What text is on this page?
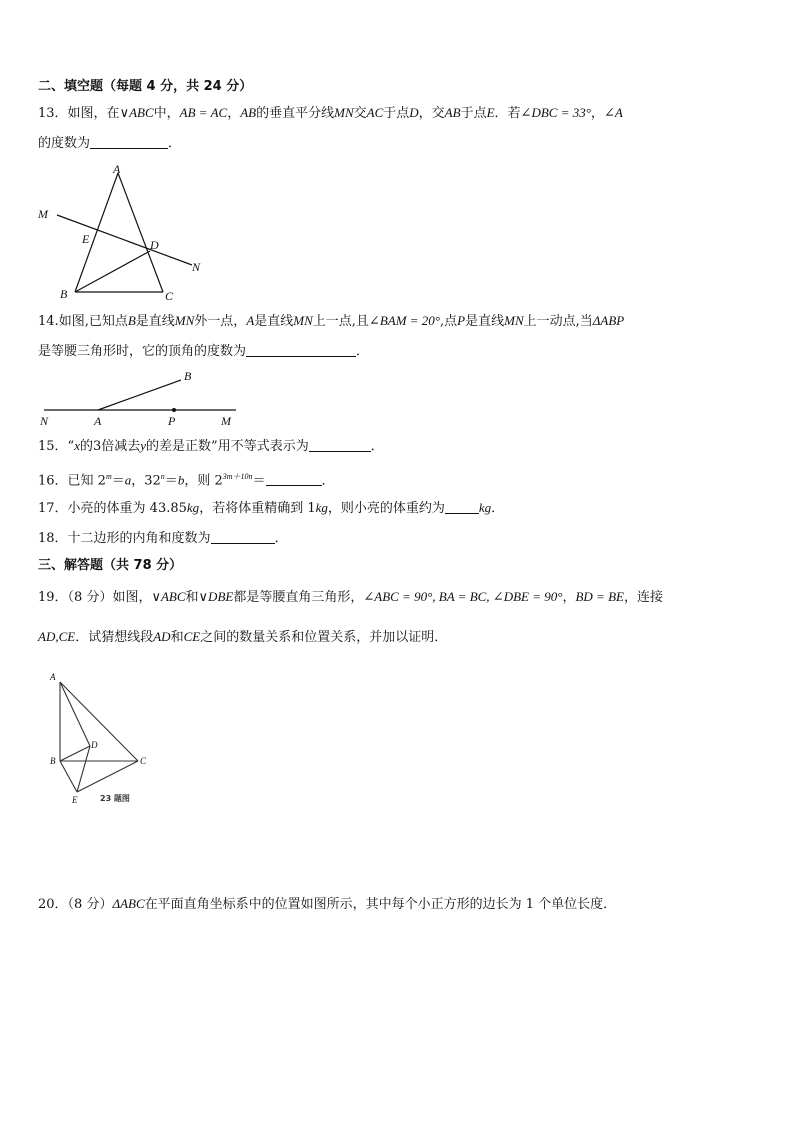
二、填空题（每题 4 分，共 24 分）
13．如图，在∨ABC中，AB = AC，AB的垂直平分线MN交AC于点D，交AB于点E．若∠DBC = 33°，∠A
的度数为	．
A
M
E	D
N
B	C
14.如图,已知点B是直线MN外一点，A是直线MN上一点,且∠BAM = 20°,点P是直线MN上一动点,当ΔABP
是等腰三角形时，它的顶角的度数为	．
B
N	A	P	M
15．“x的3倍减去y的差是正数”用不等式表示为	．
16．已知 $2^m=a$，$32^n=b$，则 $2^{3m+10n}=$	．
17．小亮的体重为 43.85kg，若将体重精确到 1kg，则小亮的体重约为	kg．
18．十二边形的内角和度数为	．
三、解答题（共 78 分）
19．（8 分）如图，∨ABC和∨DBE都是等腰直角三角形，∠ABC = 90°, BA = BC, ∠DBE = 90°，BD = BE，连接
AD,CE．试猜想线段AD和CE之间的数量关系和位置关系，并加以证明．
A
D
B	C
E	23 题图
20．（8 分）ΔABC在平面直角坐标系中的位置如图所示，其中每个小正方形的边长为 1 个单位长度．
